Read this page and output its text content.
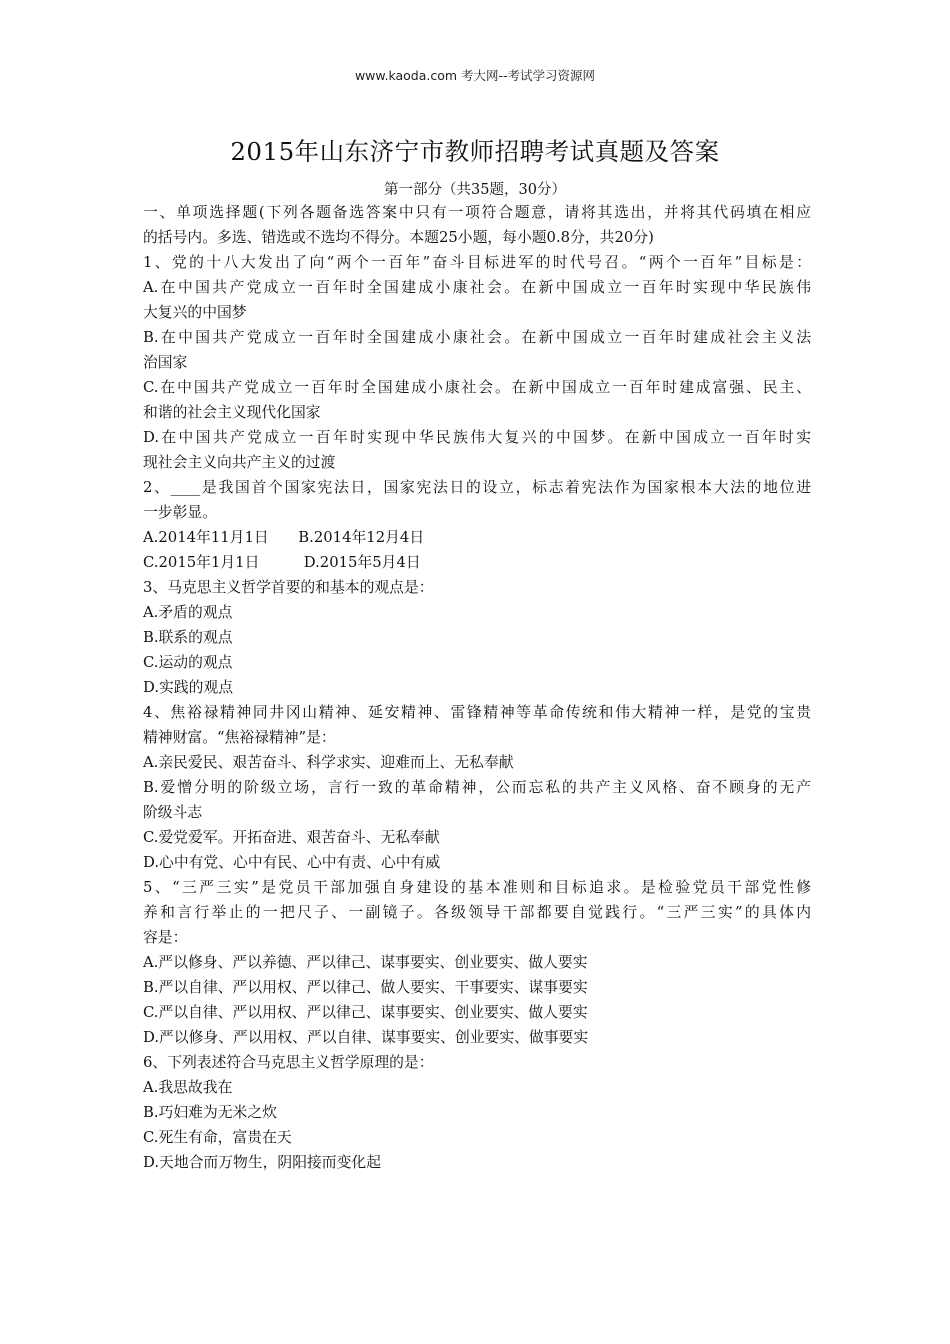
www.kaoda.com 考大网--考试学习资源网
2015年山东济宁市教师招聘考试真题及答案
第一部分（共35题，30分）
一、单项选择题(下列各题备选答案中只有一项符合题意，请将其选出，并将其代码填在相应
的括号内。多选、错选或不选均不得分。本题25小题，每小题0.8分，共20分)
1、党的十八大发出了向“两个一百年”奋斗目标进军的时代号召。“两个一百年”目标是：
A.在中国共产党成立一百年时全国建成小康社会。在新中国成立一百年时实现中华民族伟
大复兴的中国梦
B.在中国共产党成立一百年时全国建成小康社会。在新中国成立一百年时建成社会主义法
治国家
C.在中国共产党成立一百年时全国建成小康社会。在新中国成立一百年时建成富强、民主、
和谐的社会主义现代化国家
D.在中国共产党成立一百年时实现中华民族伟大复兴的中国梦。在新中国成立一百年时实
现社会主义向共产主义的过渡
2、____是我国首个国家宪法日，国家宪法日的设立，标志着宪法作为国家根本大法的地位进
一步彰显。
A.2014年11月1日　　B.2014年12月4日
C.2015年1月1日　　　D.2015年5月4日
3、马克思主义哲学首要的和基本的观点是：
A.矛盾的观点
B.联系的观点
C.运动的观点
D.实践的观点
4、焦裕禄精神同井冈山精神、延安精神、雷锋精神等革命传统和伟大精神一样，是党的宝贵
精神财富。“焦裕禄精神”是：
A.亲民爱民、艰苦奋斗、科学求实、迎难而上、无私奉献
B.爱憎分明的阶级立场，言行一致的革命精神，公而忘私的共产主义风格、奋不顾身的无产
阶级斗志
C.爱党爱军。开拓奋进、艰苦奋斗、无私奉献
D.心中有党、心中有民、心中有责、心中有威
5、“三严三实”是党员干部加强自身建设的基本准则和目标追求。是检验党员干部党性修
养和言行举止的一把尺子、一副镜子。各级领导干部都要自觉践行。“三严三实”的具体内
容是：
A.严以修身、严以养德、严以律己、谋事要实、创业要实、做人要实
B.严以自律、严以用权、严以律己、做人要实、干事要实、谋事要实
C.严以自律、严以用权、严以律己、谋事要实、创业要实、做人要实
D.严以修身、严以用权、严以自律、谋事要实、创业要实、做事要实
6、下列表述符合马克思主义哲学原理的是：
A.我思故我在
B.巧妇难为无米之炊
C.死生有命，富贵在天
D.天地合而万物生，阴阳接而变化起
